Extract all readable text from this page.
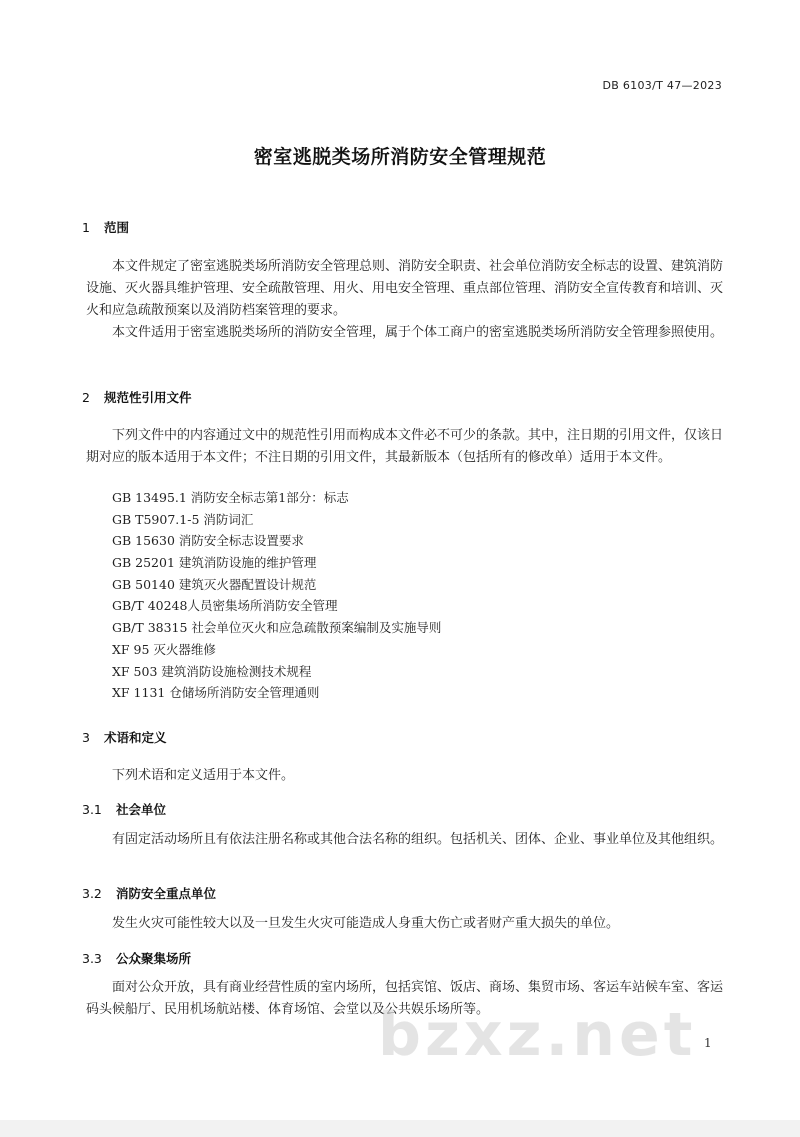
DB 6103/T 47—2023
密室逃脱类场所消防安全管理规范
1 范围
本文件规定了密室逃脱类场所消防安全管理总则、消防安全职责、社会单位消防安全标志的设置、建筑消防设施、灭火器具维护管理、安全疏散管理、用火、用电安全管理、重点部位管理、消防安全宣传教育和培训、灭火和应急疏散预案以及消防档案管理的要求。
本文件适用于密室逃脱类场所的消防安全管理，属于个体工商户的密室逃脱类场所消防安全管理参照使用。
2 规范性引用文件
下列文件中的内容通过文中的规范性引用而构成本文件必不可少的条款。其中，注日期的引用文件，仅该日期对应的版本适用于本文件；不注日期的引用文件，其最新版本（包括所有的修改单）适用于本文件。
GB 13495.1 消防安全标志第1部分：标志
GB T5907.1-5 消防词汇
GB 15630 消防安全标志设置要求
GB 25201 建筑消防设施的维护管理
GB 50140 建筑灭火器配置设计规范
GB/T 40248人员密集场所消防安全管理
GB/T 38315 社会单位灭火和应急疏散预案编制及实施导则
XF 95 灭火器维修
XF 503 建筑消防设施检测技术规程
XF 1131 仓储场所消防安全管理通则
3 术语和定义
下列术语和定义适用于本文件。
3.1 社会单位
有固定活动场所且有依法注册名称或其他合法名称的组织。包括机关、团体、企业、事业单位及其他组织。
3.2 消防安全重点单位
发生火灾可能性较大以及一旦发生火灾可能造成人身重大伤亡或者财产重大损失的单位。
3.3 公众聚集场所
面对公众开放，具有商业经营性质的室内场所，包括宾馆、饭店、商场、集贸市场、客运车站候车室、客运码头候船厅、民用机场航站楼、体育场馆、会堂以及公共娱乐场所等。
bzxz.net 1
